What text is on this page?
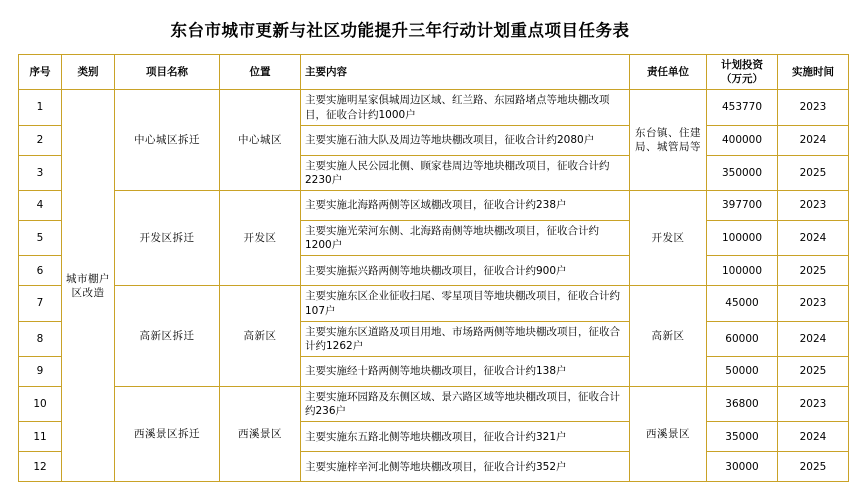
东台市城市更新与社区功能提升三年行动计划重点项目任务表
序号	类别	项目名称	位置	主要内容	责任单位	计划投资（万元）	实施时间
1	城市棚户区改造	中心城区拆迁	中心城区	主要实施明星家俱城周边区域、红兰路、东园路堵点等地块棚改项目，征收合计约1000户	东台镇、住建局、城管局等	453770	2023
2				主要实施石油大队及周边等地块棚改项目，征收合计约2080户		400000	2024
3				主要实施人民公园北侧、顾家巷周边等地块棚改项目，征收合计约2230户		350000	2025
4		开发区拆迁	开发区	主要实施北海路两侧等区域棚改项目，征收合计约238户	开发区	397700	2023
5				主要实施光荣河东侧、北海路南侧等地块棚改项目，征收合计约1200户		100000	2024
6				主要实施振兴路两侧等地块棚改项目，征收合计约900户		100000	2025
7		高新区拆迁	高新区	主要实施东区企业征收扫尾、零星项目等地块棚改项目，征收合计约107户	高新区	45000	2023
8				主要实施东区道路及项目用地、市场路两侧等地块棚改项目，征收合计约1262户		60000	2024
9				主要实施经十路两侧等地块棚改项目，征收合计约138户		50000	2025
10		西溪景区拆迁	西溪景区	主要实施环园路及东侧区域、景六路区域等地块棚改项目，征收合计约236户	西溪景区	36800	2023
11				主要实施东五路北侧等地块棚改项目，征收合计约321户		35000	2024
12				主要实施梓辛河北侧等地块棚改项目，征收合计约352户		30000	2025
